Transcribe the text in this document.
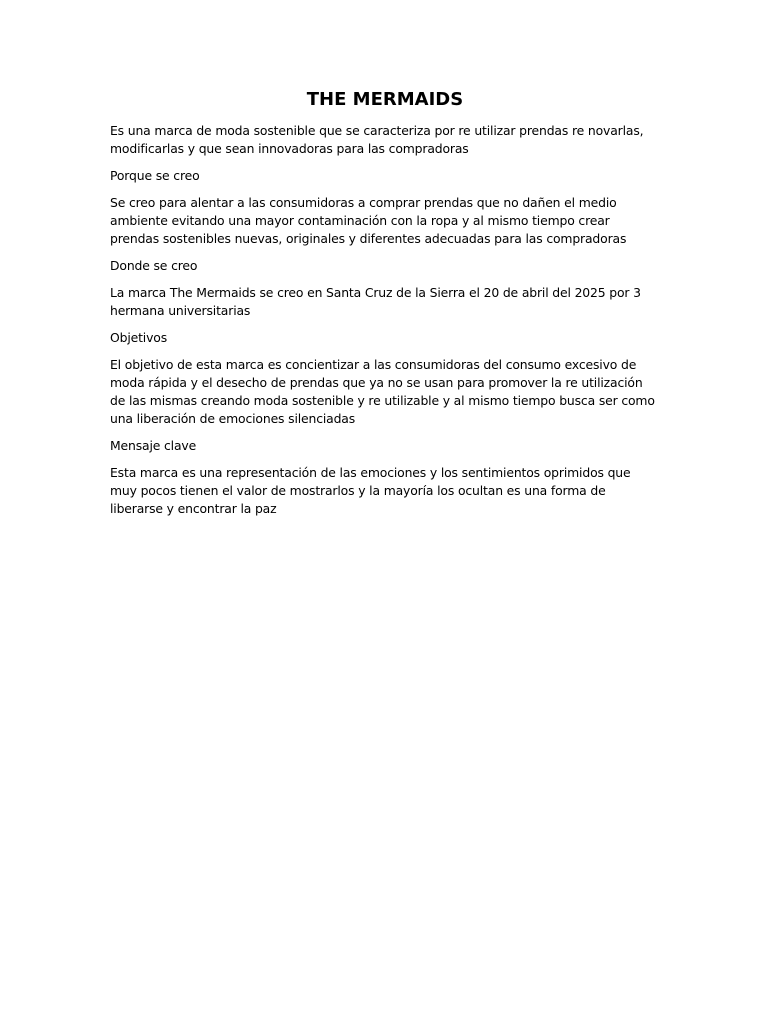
THE MERMAIDS

Es una marca de moda sostenible que se caracteriza por re utilizar prendas re novarlas, modificarlas y que sean innovadoras para las compradoras

Porque se creo

Se creo para alentar a las consumidoras a comprar prendas que no dañen el medio ambiente evitando una mayor contaminación con la ropa y al mismo tiempo crear prendas sostenibles nuevas, originales y diferentes adecuadas para las compradoras

Donde se creo

La marca The Mermaids se creo en Santa Cruz de la Sierra el 20 de abril del 2025 por 3 hermana universitarias

Objetivos

El objetivo de esta marca es concientizar a las consumidoras del consumo excesivo de moda rápida y el desecho de prendas que ya no se usan para promover la re utilización de las mismas creando moda sostenible y re utilizable y al mismo tiempo busca ser como una liberación de emociones silenciadas

Mensaje clave

Esta marca es una representación de las emociones y los sentimientos oprimidos que muy pocos tienen el valor de mostrarlos y la mayoría los ocultan es una forma de liberarse y encontrar la paz
